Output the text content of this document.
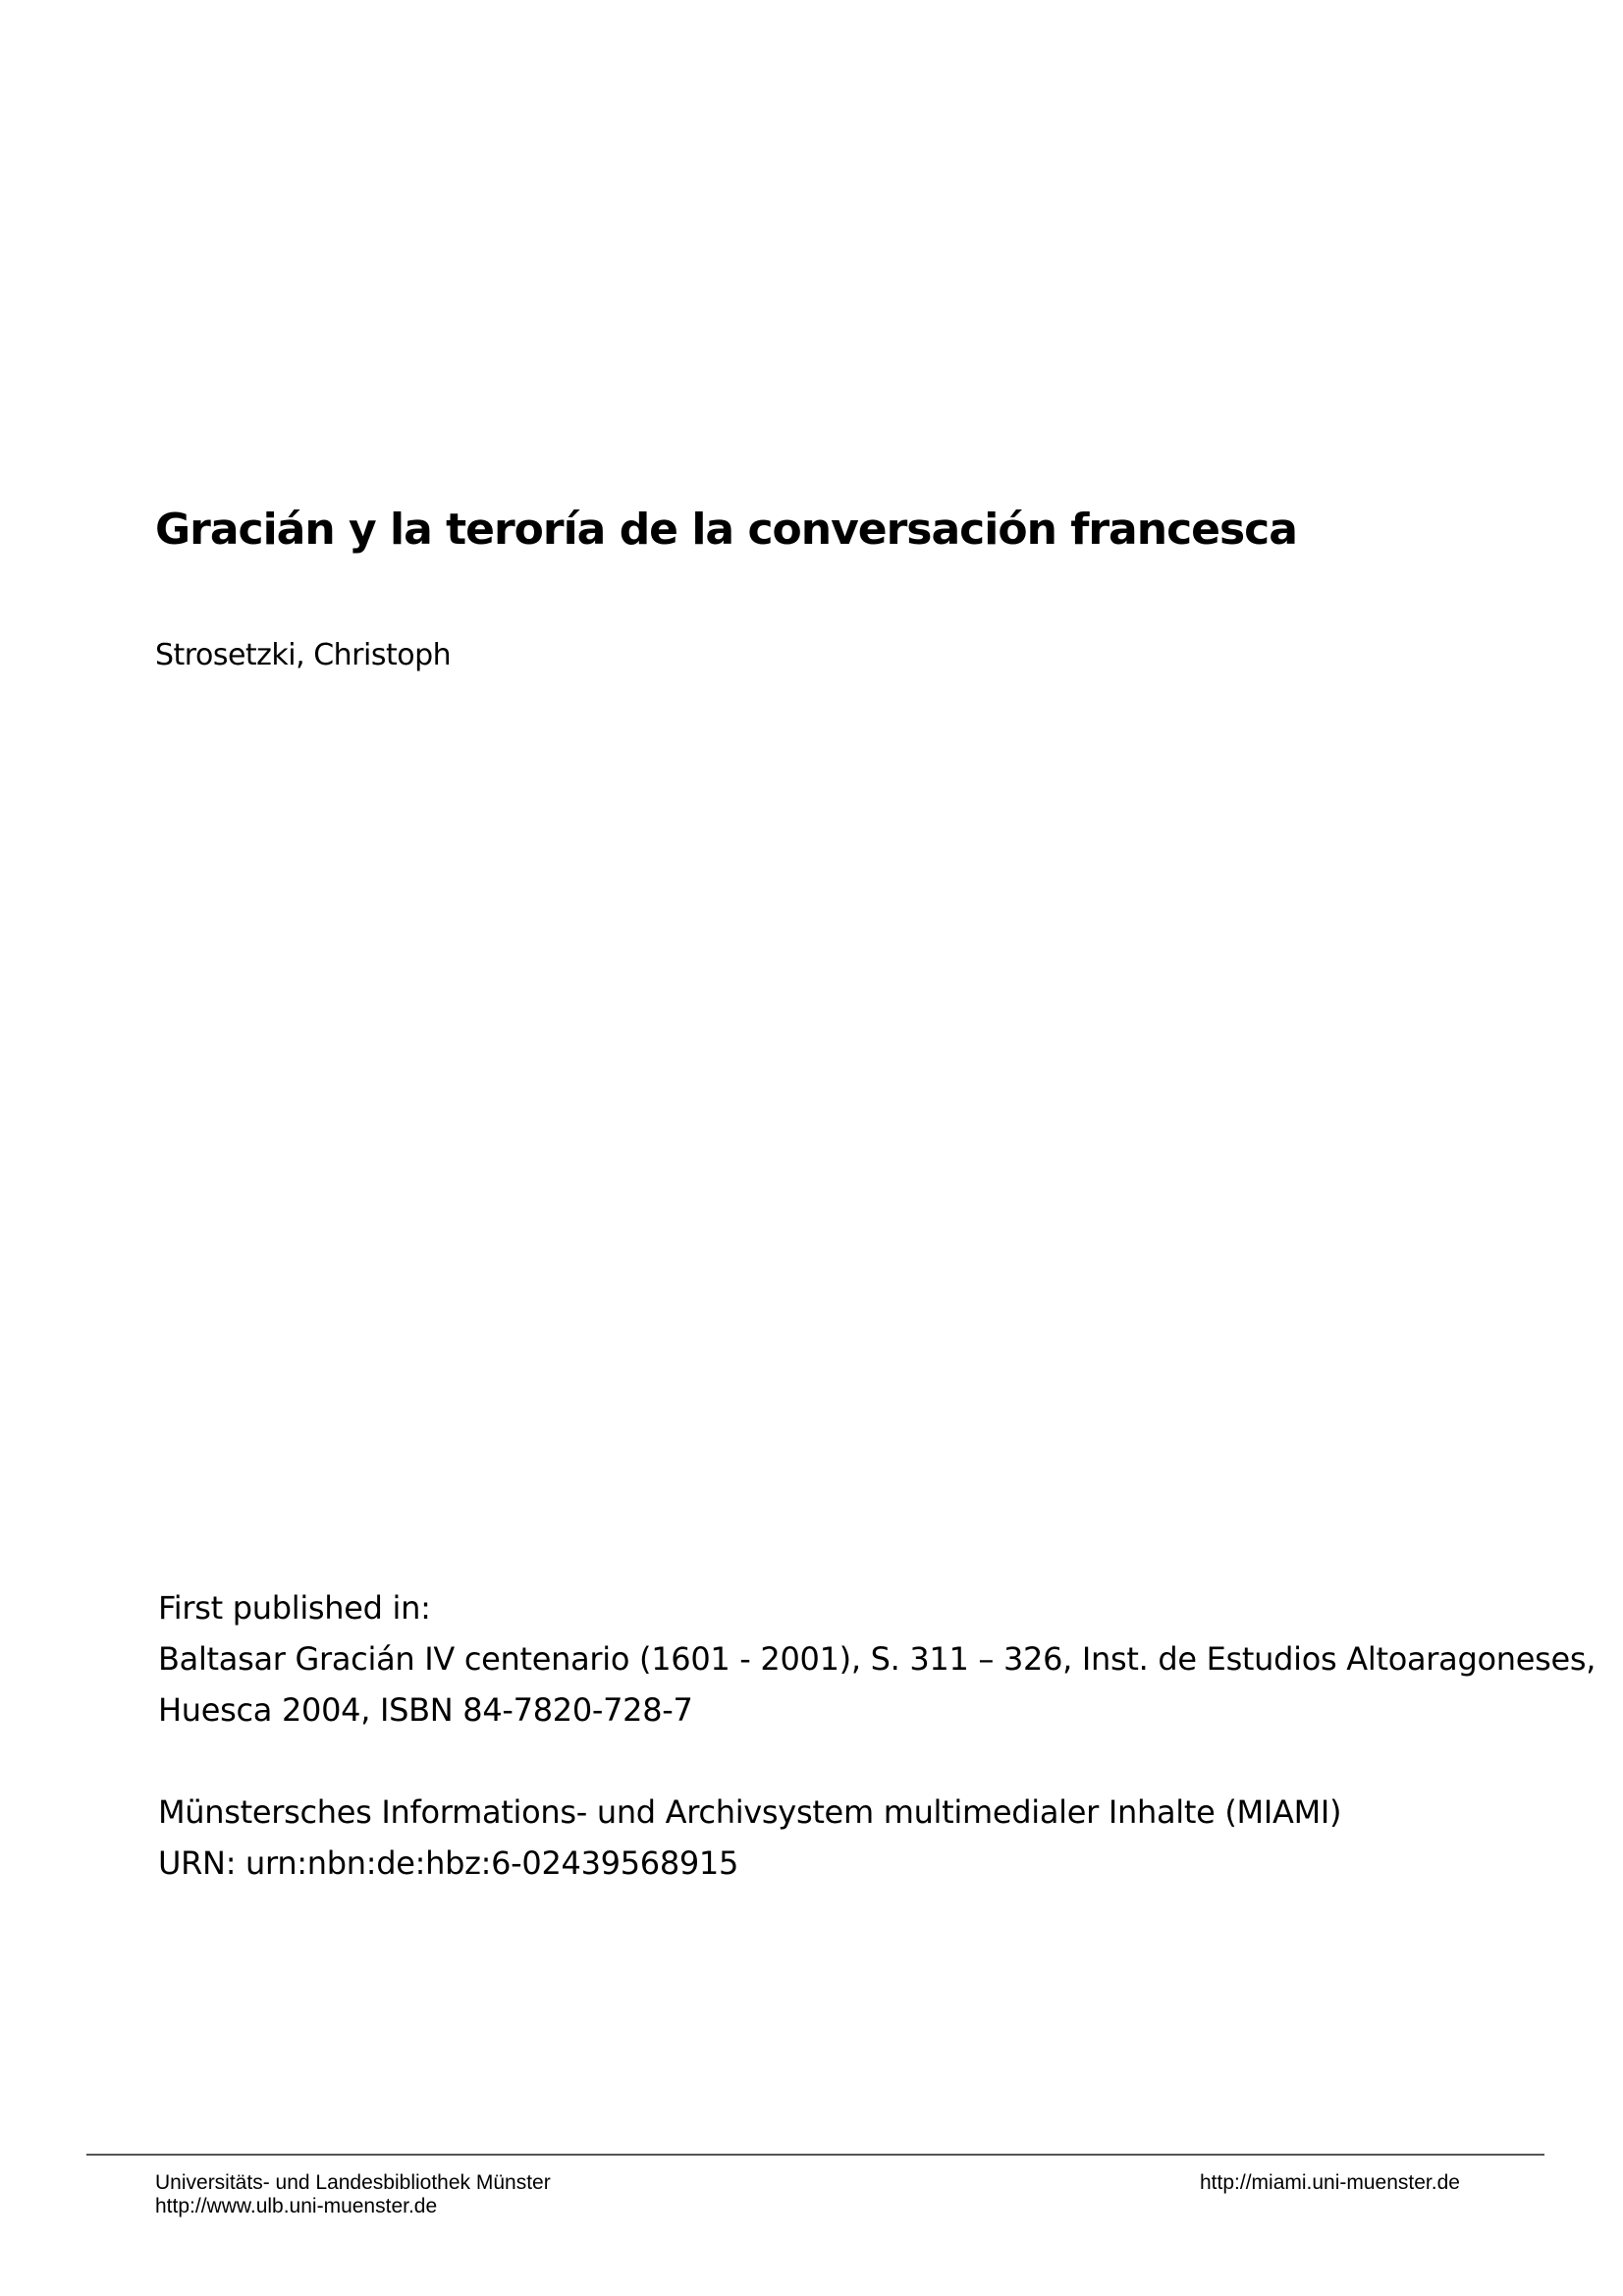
Gracián y la teroría de la conversación francesca
Strosetzki, Christoph
First published in:
Baltasar Gracián IV centenario (1601 - 2001), S. 311 – 326, Inst. de Estudios Altoaragoneses,
Huesca 2004, ISBN 84-7820-728-7
Münstersches Informations- und Archivsystem multimedialer Inhalte (MIAMI)
URN: urn:nbn:de:hbz:6-02439568915
Universitäts- und Landesbibliothek Münster
http://www.ulb.uni-muenster.de
http://miami.uni-muenster.de
